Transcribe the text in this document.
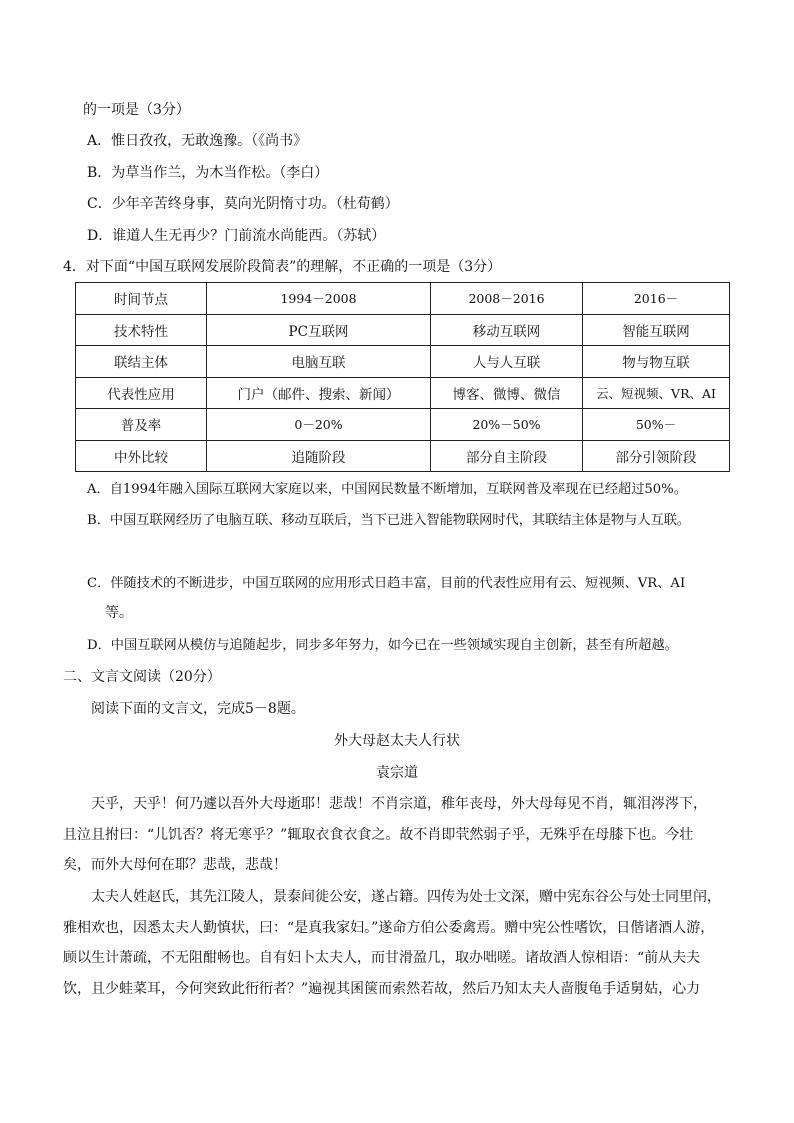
的一项是（3分）
A．惟日孜孜，无敢逸豫。（《尚书》
B．为草当作兰，为木当作松。（李白）
C．少年辛苦终身事，莫向光阴惰寸功。（杜荀鹤）
D．谁道人生无再少？门前流水尚能西。（苏轼）
4．对下面“中国互联网发展阶段简表”的理解，不正确的一项是（3分）
时间节点	1994－2008	2008－2016	2016－
技术特性	PC互联网	移动互联网	智能互联网
联结主体	电脑互联	人与人互联	物与物互联
代表性应用	门户（邮件、搜索、新闻）	博客、微博、微信	云、短视频、VR、AI
普及率	0－20%	20%－50%	50%－
中外比较	追随阶段	部分自主阶段	部分引领阶段
A．自1994年融入国际互联网大家庭以来，中国网民数量不断增加，互联网普及率现在已经超过50%。
B．中国互联网经历了电脑互联、移动互联后，当下已进入智能物联网时代，其联结主体是物与人互联。
C．伴随技术的不断进步，中国互联网的应用形式日趋丰富，目前的代表性应用有云、短视频、VR、AI
等。
D．中国互联网从模仿与追随起步，同步多年努力，如今已在一些领域实现自主创新，甚至有所超越。
二、文言文阅读（20分）
阅读下面的文言文，完成5－8题。
外大母赵太夫人行状
袁宗道
天乎，天乎！何乃遽以吾外大母逝耶！悲哉！不肖宗道，稚年丧母，外大母每见不肖，辄泪涔涔下，
且泣且拊曰：“儿饥否？将无寒乎？”辄取衣食衣食之。故不肖即茕然弱子乎，无殊乎在母膝下也。今壮
矣，而外大母何在耶？悲哉，悲哉！
太夫人姓赵氏，其先江陵人，景泰间徙公安，遂占籍。四传为处士文深，赠中宪东谷公与处士同里闬，
雅相欢也，因悉太夫人勤慎状，曰：“是真我家妇。”遂命方伯公委禽焉。赠中宪公性嗜饮，日偕诸酒人游，
顾以生计萧疏，不无阻酣畅也。自有妇卜太夫人，而甘滑盈几，取办咄嗟。诸故酒人惊相语：“前从夫夫
饮，且少蛙菜耳，今何突致此衎衎者？”遍视其囷箧而索然若故，然后乃知太夫人啬腹龟手适舅姑，心力
